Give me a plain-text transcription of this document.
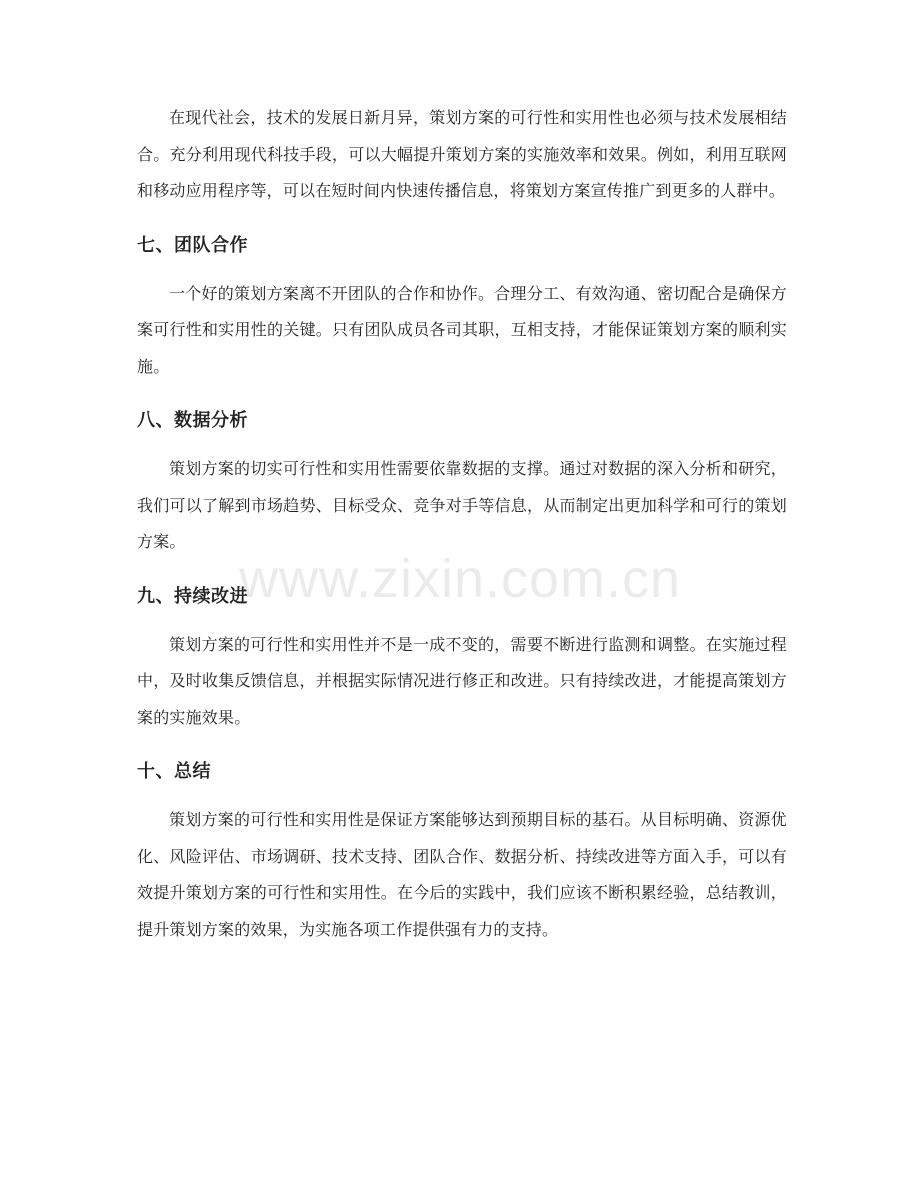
在现代社会，技术的发展日新月异，策划方案的可行性和实用性也必须与技术发展相结合。充分利用现代科技手段，可以大幅提升策划方案的实施效率和效果。例如，利用互联网和移动应用程序等，可以在短时间内快速传播信息，将策划方案宣传推广到更多的人群中。

七、团队合作

一个好的策划方案离不开团队的合作和协作。合理分工、有效沟通、密切配合是确保方案可行性和实用性的关键。只有团队成员各司其职，互相支持，才能保证策划方案的顺利实施。

八、数据分析

策划方案的切实可行性和实用性需要依靠数据的支撑。通过对数据的深入分析和研究，我们可以了解到市场趋势、目标受众、竞争对手等信息，从而制定出更加科学和可行的策划方案。

九、持续改进

策划方案的可行性和实用性并不是一成不变的，需要不断进行监测和调整。在实施过程中，及时收集反馈信息，并根据实际情况进行修正和改进。只有持续改进，才能提高策划方案的实施效果。

十、总结

策划方案的可行性和实用性是保证方案能够达到预期目标的基石。从目标明确、资源优化、风险评估、市场调研、技术支持、团队合作、数据分析、持续改进等方面入手，可以有效提升策划方案的可行性和实用性。在今后的实践中，我们应该不断积累经验，总结教训，提升策划方案的效果，为实施各项工作提供强有力的支持。

www.zixin.com.cn
